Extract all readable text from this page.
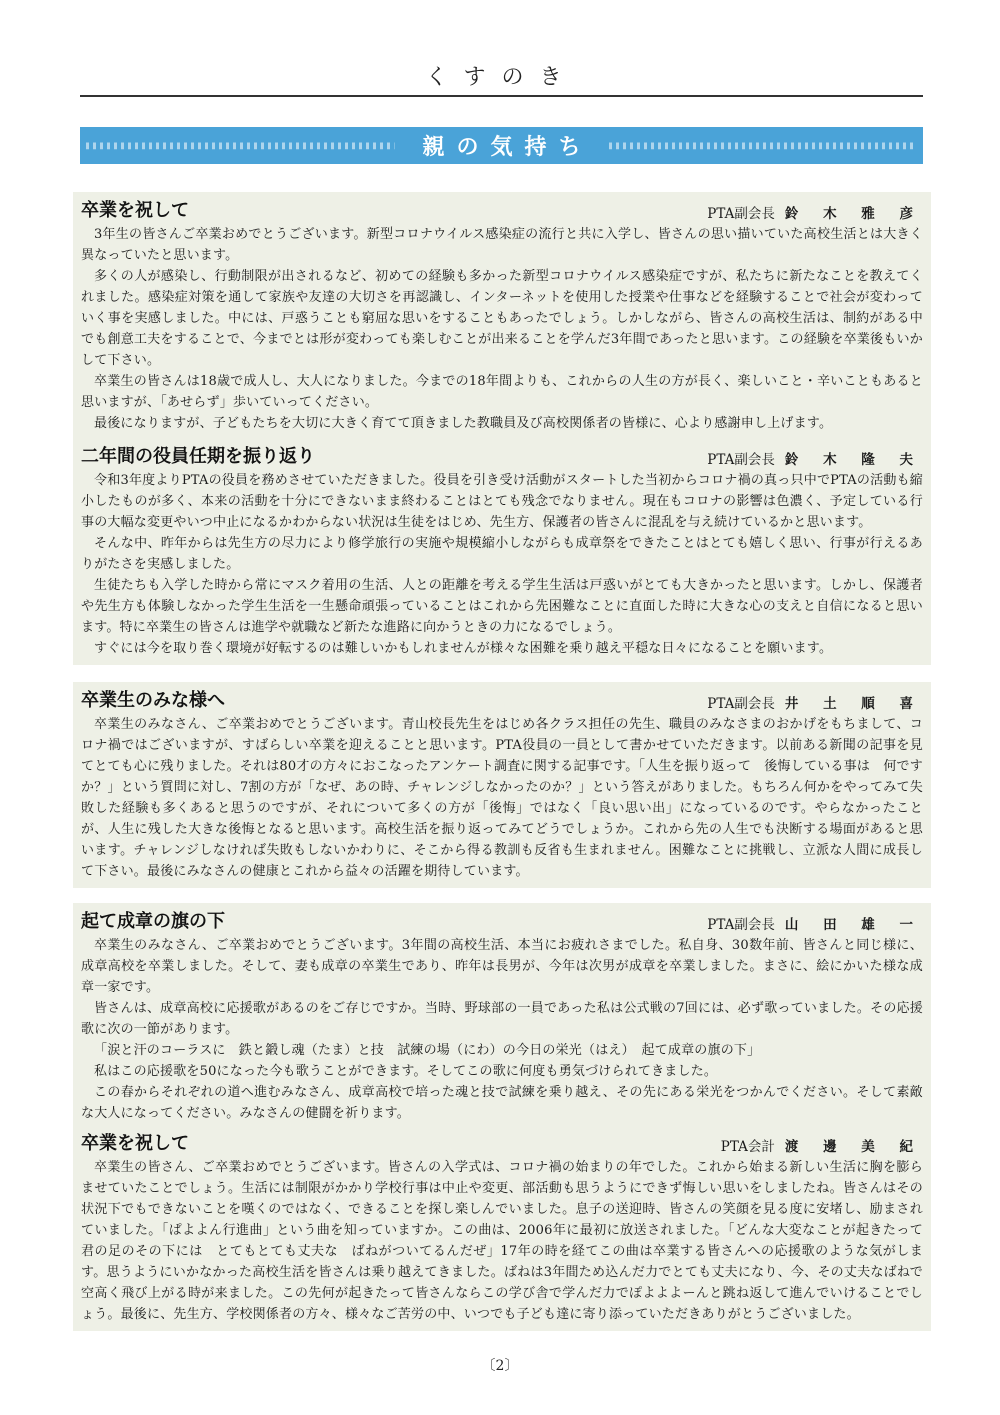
くすのき
親の気持ち
卒業を祝して	PTA副会長 鈴 木 雅 彦

3年生の皆さんご卒業おめでとうございます。新型コロナウイルス感染症の流行と共に入学し、皆さんの思い描いていた高校生活とは大きく異なっていたと思います。

多くの人が感染し、行動制限が出されるなど、初めての経験も多かった新型コロナウイルス感染症ですが、私たちに新たなことを教えてくれました。感染症対策を通して家族や友達の大切さを再認識し、インターネットを使用した授業や仕事などを経験することで社会が変わっていく事を実感しました。中には、戸惑うことも窮屈な思いをすることもあったでしょう。しかしながら、皆さんの高校生活は、制約がある中でも創意工夫をすることで、今までとは形が変わっても楽しむことが出来ることを学んだ3年間であったと思います。この経験を卒業後もいかして下さい。

卒業生の皆さんは18歳で成人し、大人になりました。今までの18年間よりも、これからの人生の方が長く、楽しいこと・辛いこともあると思いますが、「あせらず」歩いていってください。

最後になりますが、子どもたちを大切に大きく育てて頂きました教職員及び高校関係者の皆様に、心より感謝申し上げます。

二年間の役員任期を振り返り	PTA副会長 鈴 木 隆 夫

令和3年度よりPTAの役員を務めさせていただきました。役員を引き受け活動がスタートした当初からコロナ禍の真っ只中でPTAの活動も縮小したものが多く、本来の活動を十分にできないまま終わることはとても残念でなりません。現在もコロナの影響は色濃く、予定している行事の大幅な変更やいつ中止になるかわからない状況は生徒をはじめ、先生方、保護者の皆さんに混乱を与え続けているかと思います。

そんな中、昨年からは先生方の尽力により修学旅行の実施や規模縮小しながらも成章祭をできたことはとても嬉しく思い、行事が行えるありがたさを実感しました。

生徒たちも入学した時から常にマスク着用の生活、人との距離を考える学生生活は戸惑いがとても大きかったと思います。しかし、保護者や先生方も体験しなかった学生生活を一生懸命頑張っていることはこれから先困難なことに直面した時に大きな心の支えと自信になると思います。特に卒業生の皆さんは進学や就職など新たな進路に向かうときの力になるでしょう。

すぐには今を取り巻く環境が好転するのは難しいかもしれませんが様々な困難を乗り越え平穏な日々になることを願います。

卒業生のみな様へ	PTA副会長 井 土 順 喜

卒業生のみなさん、ご卒業おめでとうございます。青山校長先生をはじめ各クラス担任の先生、職員のみなさまのおかげをもちまして、コロナ禍ではございますが、すばらしい卒業を迎えることと思います。PTA役員の一員として書かせていただきます。以前ある新聞の記事を見てとても心に残りました。それは80才の方々におこなったアンケート調査に関する記事です。「人生を振り返って　後悔している事は　何ですか？」という質問に対し、7割の方が「なぜ、あの時、チャレンジしなかったのか？」という答えがありました。もちろん何かをやってみて失敗した経験も多くあると思うのですが、それについて多くの方が「後悔」ではなく「良い思い出」になっているのです。やらなかったことが、人生に残した大きな後悔となると思います。高校生活を振り返ってみてどうでしょうか。これから先の人生でも決断する場面があると思います。チャレンジしなければ失敗もしないかわりに、そこから得る教訓も反省も生まれません。困難なことに挑戦し、立派な人間に成長して下さい。最後にみなさんの健康とこれから益々の活躍を期待しています。

起て成章の旗の下	PTA副会長 山 田 雄 一

卒業生のみなさん、ご卒業おめでとうございます。3年間の高校生活、本当にお疲れさまでした。私自身、30数年前、皆さんと同じ様に、成章高校を卒業しました。そして、妻も成章の卒業生であり、昨年は長男が、今年は次男が成章を卒業しました。まさに、絵にかいた様な成章一家です。

皆さんは、成章高校に応援歌があるのをご存じですか。当時、野球部の一員であった私は公式戦の7回には、必ず歌っていました。その応援歌に次の一節があります。

「涙と汗のコーラスに　鉄と鍛し魂（たま）と技　試練の場（にわ）の今日の栄光（はえ）　起て成章の旗の下」

私はこの応援歌を50になった今も歌うことができます。そしてこの歌に何度も勇気づけられてきました。

この春からそれぞれの道へ進むみなさん、成章高校で培った魂と技で試練を乗り越え、その先にある栄光をつかんでください。そして素敵な大人になってください。みなさんの健闘を祈ります。

卒業を祝して	PTA会計 渡 邊 美 紀

卒業生の皆さん、ご卒業おめでとうございます。皆さんの入学式は、コロナ禍の始まりの年でした。これから始まる新しい生活に胸を膨らませていたことでしょう。生活には制限がかかり学校行事は中止や変更、部活動も思うようにできず悔しい思いをしましたね。皆さんはその状況下でもできないことを嘆くのではなく、できることを探し楽しんでいました。息子の送迎時、皆さんの笑顔を見る度に安堵し、励まされていました。「ぱよよん行進曲」という曲を知っていますか。この曲は、2006年に最初に放送されました。「どんな大変なことが起きたって　君の足のその下には　とてもとても丈夫な　ばねがついてるんだぜ」17年の時を経てこの曲は卒業する皆さんへの応援歌のような気がします。思うようにいかなかった高校生活を皆さんは乗り越えてきました。ばねは3年間ため込んだ力でとても丈夫になり、今、その丈夫なばねで空高く飛び上がる時が来ました。この先何が起きたって皆さんならこの学び舎で学んだ力でぽよよよーんと跳ね返して進んでいけることでしょう。最後に、先生方、学校関係者の方々、様々なご苦労の中、いつでも子ども達に寄り添っていただきありがとうございました。

〔2〕
